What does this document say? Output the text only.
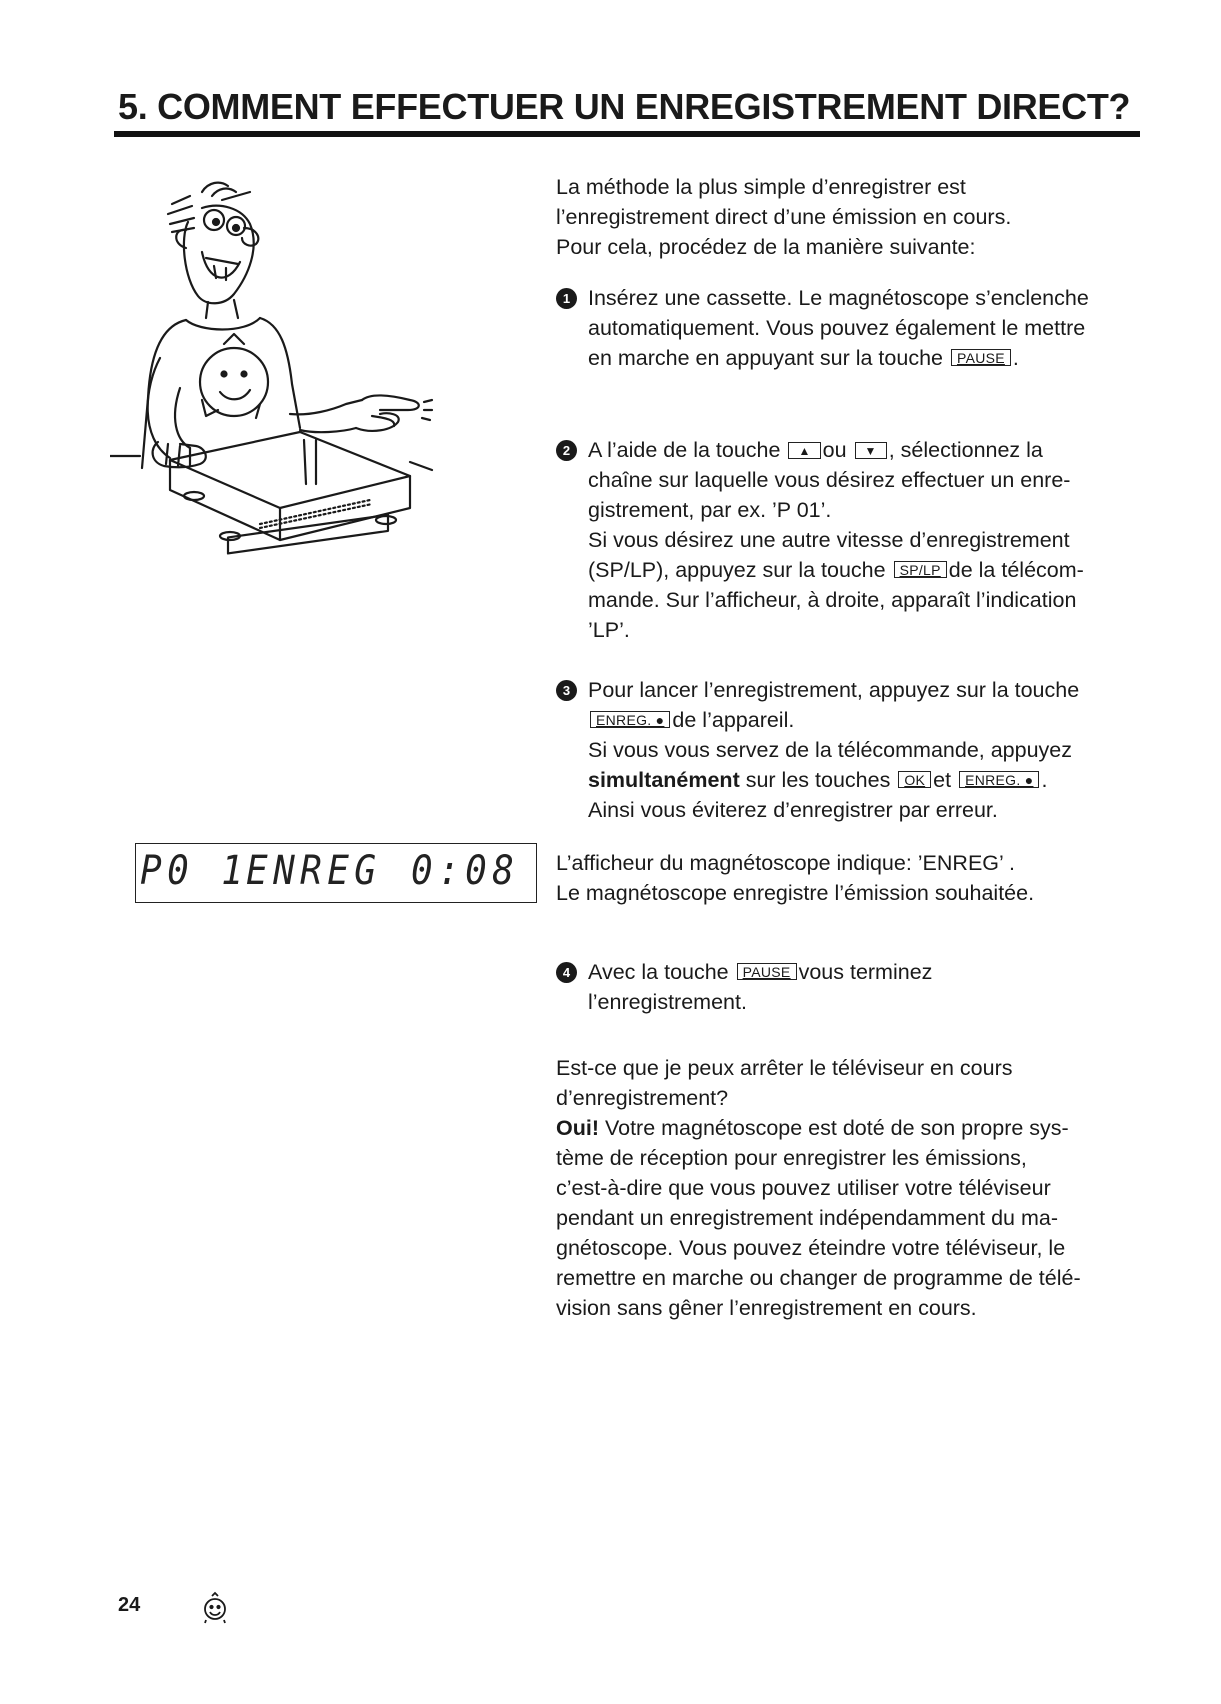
5. COMMENT EFFECTUER UN ENREGISTREMENT DIRECT?
La méthode la plus simple d’enregistrer est
l’enregistrement direct d’une émission en cours.
Pour cela, procédez de la manière suivante:
1 Insérez une cassette. Le magnétoscope s’enclenche
automatiquement. Vous pouvez également le mettre
en marche en appuyant sur la touche PAUSE .
2 A l’aide de la touche ▲ ou ▼ , sélectionnez la
chaîne sur laquelle vous désirez effectuer un enre-
gistrement, par ex. ’P 01’.
Si vous désirez une autre vitesse d’enregistrement
(SP/LP), appuyez sur la touche SP/LP de la télécom-
mande. Sur l’afficheur, à droite, apparaît l’indication
’LP’.
3 Pour lancer l’enregistrement, appuyez sur la touche
ENREG. ● de l’appareil.
Si vous vous servez de la télécommande, appuyez
simultanément sur les touches OK et ENREG. ● .
Ainsi vous éviterez d’enregistrer par erreur.
P0 1
ENREG 0:08 L’afficheur du magnétoscope indique: ’ENREG’ .
Le magnétoscope enregistre l’émission souhaitée.
4 Avec la touche PAUSE vous terminez
l’enregistrement.
Est-ce que je peux arrêter le téléviseur en cours
d’enregistrement?
Oui! Votre magnétoscope est doté de son propre sys-
tème de réception pour enregistrer les émissions,
c’est-à-dire que vous pouvez utiliser votre téléviseur
pendant un enregistrement indépendamment du ma-
gnétoscope. Vous pouvez éteindre votre téléviseur, le
remettre en marche ou changer de programme de télé-
vision sans gêner l’enregistrement en cours.
24
